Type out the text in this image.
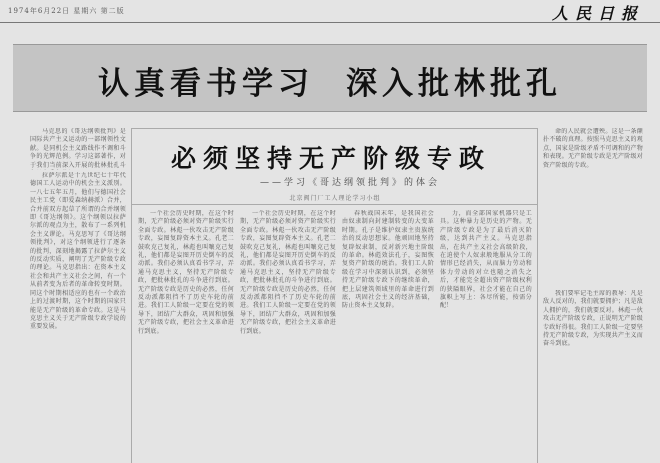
1974年6月22日 星期六 第二版	人民日报
认真看书学习 深入批林批孔

马克思的《哥达纲领批判》是国际共产主义运动的一部纲领性文献。是同机会主义路线作不调和斗争的光辉范例。学习这部著作，对于我们当前深入开展的批林批孔斗

拉萨尔派是十九世纪七十年代德国工人运动中的机会主义派别。一八七五年五月，他们与德国社会民主工党（即爱森纳赫派）合并，合并前双方起草了所谓的合并纲领即《哥达纲领》。这个纲领以拉萨尔派的观点为主，散布了一系列机会主义谬论。马克思写了《哥达纲领批判》，对这个纲领进行了逐条的批判，深刻地揭露了拉萨尔主义的反动实质，阐明了无产阶级专政的理论。马克思指出：在资本主义社会和共产主义社会之间，有一个从前者变为后者的革命转变时期。同这个时期相适应的也有一个政治上的过渡时期，这个时期的国家只能是无产阶级的革命专政。这是马克思主义关于无产阶级专政学说的重要发展。

必须坚持无产阶级专政
——学习《哥达纲领批判》的体会
北京阀门厂工人理论学习小组

一个社会历史时期，在这个时期，无产阶级必须对资产阶级实行全面专政。林彪一伙攻击无产阶级专政，妄图复辟资本主义。孔老二鼓吹克己复礼，林彪也叫嚷克己复礼，他们都是妄图开历史倒车的反动派。我们必须认真看书学习，弄通马克思主义，坚持无产阶级专政，把批林批孔的斗争进行到底。无产阶级专政是历史的必然，任何反动派都阻挡不了历史车轮的前进。我们工人阶级一定要在党的领导下，团结广大群众，巩固和加强无产阶级专政，把社会主义革命进行到底。

一个社会历史时期，在这个时期，无产阶级必须对资产阶级实行全面专政。林彪一伙攻击无产阶级专政，妄图复辟资本主义。孔老二鼓吹克己复礼，林彪也叫嚷克己复礼，他们都是妄图开历史倒车的反动派。我们必须认真看书学习，弄通马克思主义，坚持无产阶级专政，把批林批孔的斗争进行到底。无产阶级专政是历史的必然，任何反动派都阻挡不了历史车轮的前进。我们工人阶级一定要在党的领导下，团结广大群众，巩固和加强无产阶级专政，把社会主义革命进行到底。

春秋战国末年，是我国社会由奴隶制向封建制转变的大变革时期。孔子是维护奴隶主贵族统治的反动思想家。他顽固地坚持复辟奴隶制，反对新兴地主阶级的革命。林彪效法孔子，妄图恢复资产阶级的统治。我们工人阶级在学习中深刻认识到，必须坚持无产阶级专政下的继续革命，把上层建筑领域里的革命进行到底，巩固社会主义的经济基础，防止资本主义复辟。

力，而全部国家机器只是工具。这种暴力是历史的产物。无产阶级专政是为了最后消灭阶级，达到共产主义。马克思指出，在共产主义社会高级阶段，在迫使个人奴隶般地服从分工的情形已经消失，从而脑力劳动和体力劳动的对立也随之消失之后，才能完全超出资产阶级权利的狭隘眼界，社会才能在自己的旗帜上写上：各尽所能，按需分配！

命的人民就会遭殃。这是一条颠扑不破的真理。按照马克思主义的观点，国家是阶级矛盾不可调和的产物和表现。无产阶级专政是无产阶级对资产阶级的专政。

我们要牢记毛主席的教导：凡是敌人反对的，我们就要拥护；凡是敌人拥护的，我们就要反对。林彪一伙攻击无产阶级专政，正说明无产阶级专政好得很。我们工人阶级一定要坚持无产阶级专政，为实现共产主义而奋斗到底。
